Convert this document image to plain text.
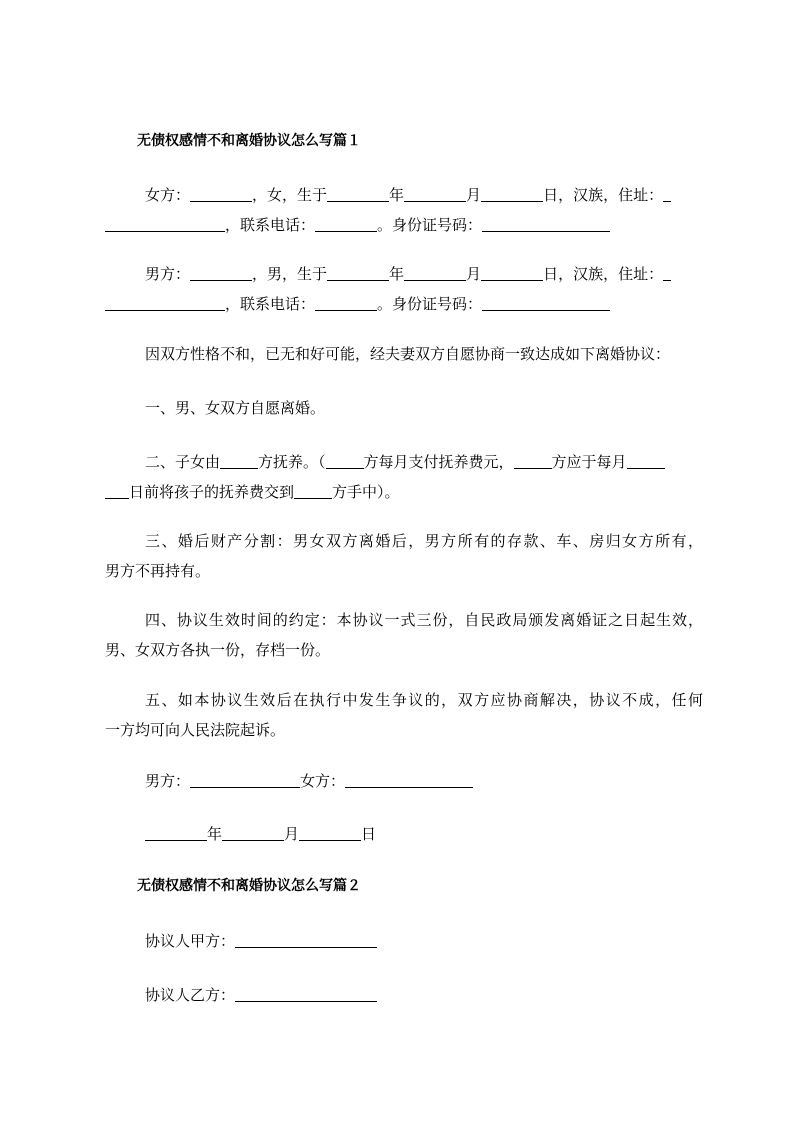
无债权感情不和离婚协议怎么写篇１
女方：	，女，生于	年	月	日，汉族，住址：
，联系电话：	。身份证号码：
男方：	，男，生于	年	月	日，汉族，住址：
，联系电话：	。身份证号码：
因双方性格不和，已无和好可能，经夫妻双方自愿协商一致达成如下离婚协议：
一、男、女双方自愿离婚。
二、子女由	方抚养。（	方每月支付抚养费元，	方应于每月
日前将孩子的抚养费交到	方手中）。
三、婚后财产分割：男女双方离婚后，男方所有的存款、车、房归女方所有，
男方不再持有。
四、协议生效时间的约定：本协议一式三份，自民政局颁发离婚证之日起生效，
男、女双方各执一份，存档一份。
五、如本协议生效后在执行中发生争议的，双方应协商解决，协议不成，任何
一方均可向人民法院起诉。
男方：	女方：
年	月	日
无债权感情不和离婚协议怎么写篇２
协议人甲方：
协议人乙方：
